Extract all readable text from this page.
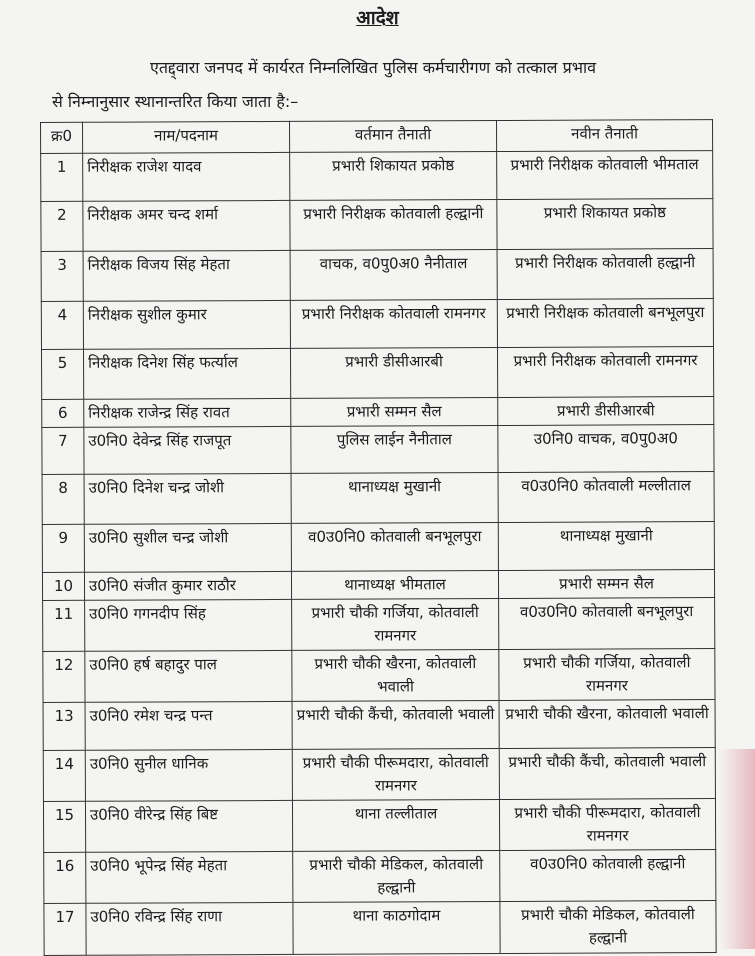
आदेश
एतद्द्वारा जनपद में कार्यरत निम्नलिखित पुलिस कर्मचारीगण को तत्काल प्रभाव
से निम्नानुसार स्थानान्तरित किया जाता है:–
क्र0	नाम/पदनाम	वर्तमान तैनाती	नवीन तैनाती
1	निरीक्षक राजेश यादव	प्रभारी शिकायत प्रकोष्ठ	प्रभारी निरीक्षक कोतवाली भीमताल
2	निरीक्षक अमर चन्द शर्मा	प्रभारी निरीक्षक कोतवाली हल्द्वानी	प्रभारी शिकायत प्रकोष्ठ
3	निरीक्षक विजय सिंह मेहता	वाचक, व0पु0अ0 नैनीताल	प्रभारी निरीक्षक कोतवाली हल्द्वानी
4	निरीक्षक सुशील कुमार	प्रभारी निरीक्षक कोतवाली रामनगर	प्रभारी निरीक्षक कोतवाली बनभूलपुरा
5	निरीक्षक दिनेश सिंह फर्त्याल	प्रभारी डीसीआरबी	प्रभारी निरीक्षक कोतवाली रामनगर
6	निरीक्षक राजेन्द्र सिंह रावत	प्रभारी सम्मन सैल	प्रभारी डीसीआरबी
7	उ0नि0 देवेन्द्र सिंह राजपूत	पुलिस लाईन नैनीताल	उ0नि0 वाचक, व0पु0अ0
8	उ0नि0 दिनेश चन्द्र जोशी	थानाध्यक्ष मुखानी	व0उ0नि0 कोतवाली मल्लीताल
9	उ0नि0 सुशील चन्द्र जोशी	व0उ0नि0 कोतवाली बनभूलपुरा	थानाध्यक्ष मुखानी
10	उ0नि0 संजीत कुमार राठौर	थानाध्यक्ष भीमताल	प्रभारी सम्मन सैल
11	उ0नि0 गगनदीप सिंह	प्रभारी चौकी गर्जिया, कोतवाली रामनगर	व0उ0नि0 कोतवाली बनभूलपुरा
12	उ0नि0 हर्ष बहादुर पाल	प्रभारी चौकी खैरना, कोतवाली भवाली	प्रभारी चौकी गर्जिया, कोतवाली रामनगर
13	उ0नि0 रमेश चन्द्र पन्त	प्रभारी चौकी कैंची, कोतवाली भवाली	प्रभारी चौकी खैरना, कोतवाली भवाली
14	उ0नि0 सुनील धानिक	प्रभारी चौकी पीरूमदारा, कोतवाली रामनगर	प्रभारी चौकी कैंची, कोतवाली भवाली
15	उ0नि0 वीरेन्द्र सिंह बिष्ट	थाना तल्लीताल	प्रभारी चौकी पीरूमदारा, कोतवाली रामनगर
16	उ0नि0 भूपेन्द्र सिंह मेहता	प्रभारी चौकी मेडिकल, कोतवाली हल्द्वानी	व0उ0नि0 कोतवाली हल्द्वानी
17	उ0नि0 रविन्द्र सिंह राणा	थाना काठगोदाम	प्रभारी चौकी मेडिकल, कोतवाली हल्द्वानी
